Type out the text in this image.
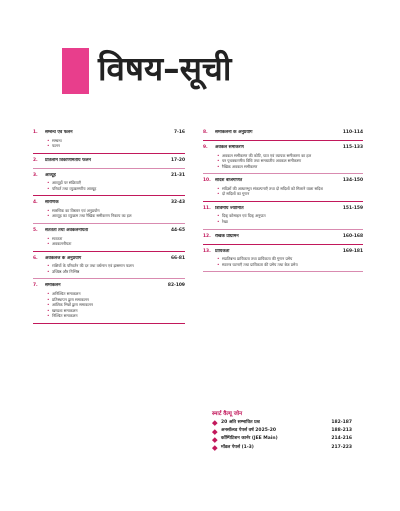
विषय–सूची
1.	सम्बन्ध एवं फलन	7-16
• सम्बन्ध
• फलन
2.	प्रतिलोम त्रिकोणमितीय फलन	17-20
3.	आव्यूह	21-31
• आव्यूहों पर संक्रियाएँ
• परिवर्त तथा व्युत्क्रमणीय आव्यूह
4.	सारणिक	32-43
• सारणिक का विस्तार एवं अनुप्रयोग
• आव्यूह का व्युत्क्रम तथा रैखिक समीकरण निकाय का हल
5.	सततता तथा अवकलनीयता	44-65
• सततता
• अवकलनीयता
6.	अवकलज के अनुप्रयोग	66-81
• राशियों के परिवर्तन की दर तथा वर्धमान एवं ह्रासमान फलन
• उच्चिष्ठ और निम्निष्ठ
7.	समाकलन	82-109
• अनिश्चित समाकलन
• प्रतिस्थापन द्वारा समाकलन
• आंशिक भिन्नों द्वारा समाकलन
• खण्डशः समाकलन
• निश्चित समाकलन
8.	समाकलनों के अनुप्रयोग	110-114
9.	अवकल समीकरण	115-133
• अवकल समीकरण की कोटि, घात एवं व्यापक समीकरण का हल
• चर पृथक्करणीय विधि तथा समघातीय अवकल समीकरण
• रैखिक अवकल समीकरण
10. सदिश बीजगणित	134-150
• सदिशों की आधारभूत संकल्पनाएँ तथा दो सदिशों को मिलाने वाला सदिश
• दो सदिशों का गुणन
11. त्रिविमीय ज्यामिति	151-159
• दिक् कोसाइन एवं दिक् अनुपात
• रेखा
12. रैखिक प्रोग्रामन	160-168
13. प्रायिकता	169-181
• सप्रतिबन्ध प्रायिकता तथा प्रायिकता की गुणन प्रमेय
• स्वतन्त्र घटनाएँ तथा प्रायिकता की प्रमेय तथा बेज प्रमेय
स्मार्ट वैल्यू जोन
20 अति सम्भावित प्रश्न	182-187
अनसॉल्व्ड पेपर्स वर्ष 2025-20	188-213
कॉम्पिटिशन कार्नर (JEE Main)	214-216
मॉडल पेपर्स (1-3)	217-223
